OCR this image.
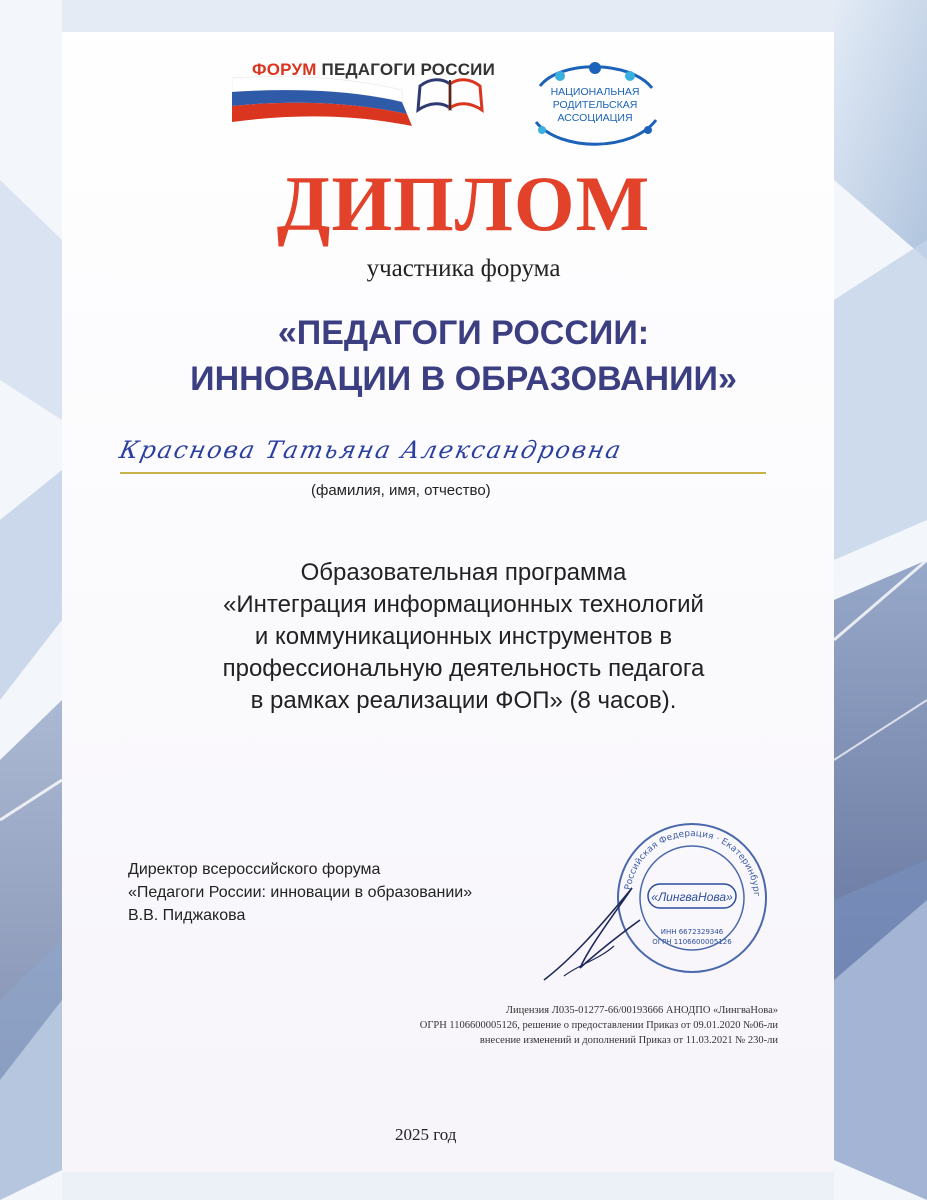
ФОРУМ ПЕДАГОГИ РОССИИ
НАЦИОНАЛЬНАЯ
РОДИТЕЛЬСКАЯ
АССОЦИАЦИЯ
ДИПЛОМ
участника форума
«ПЕДАГОГИ РОССИИ:
ИННОВАЦИИ В ОБРАЗОВАНИИ»
Краснова Татьяна Александровна
(фамилия, имя, отчество)
Образовательная программа
«Интеграция информационных технологий
и коммуникационных инструментов в
профессиональную деятельность педагога
в рамках реализации ФОП» (8 часов).
Директор всероссийского форума
«Педагоги России: инновации в образовании»
В.В. Пиджакова
Российская Федерация · Екатеринбург
«ЛингваНова»
ИНН 6672329346
ОГРН 1106600005126
Лицензия Л035-01277-66/00193666 АНОДПО «ЛингваНова»
ОГРН 1106600005126, решение о предоставлении Приказ от 09.01.2020 №06-ли
внесение изменений и дополнений Приказ от 11.03.2021 № 230-ли
2025 год
